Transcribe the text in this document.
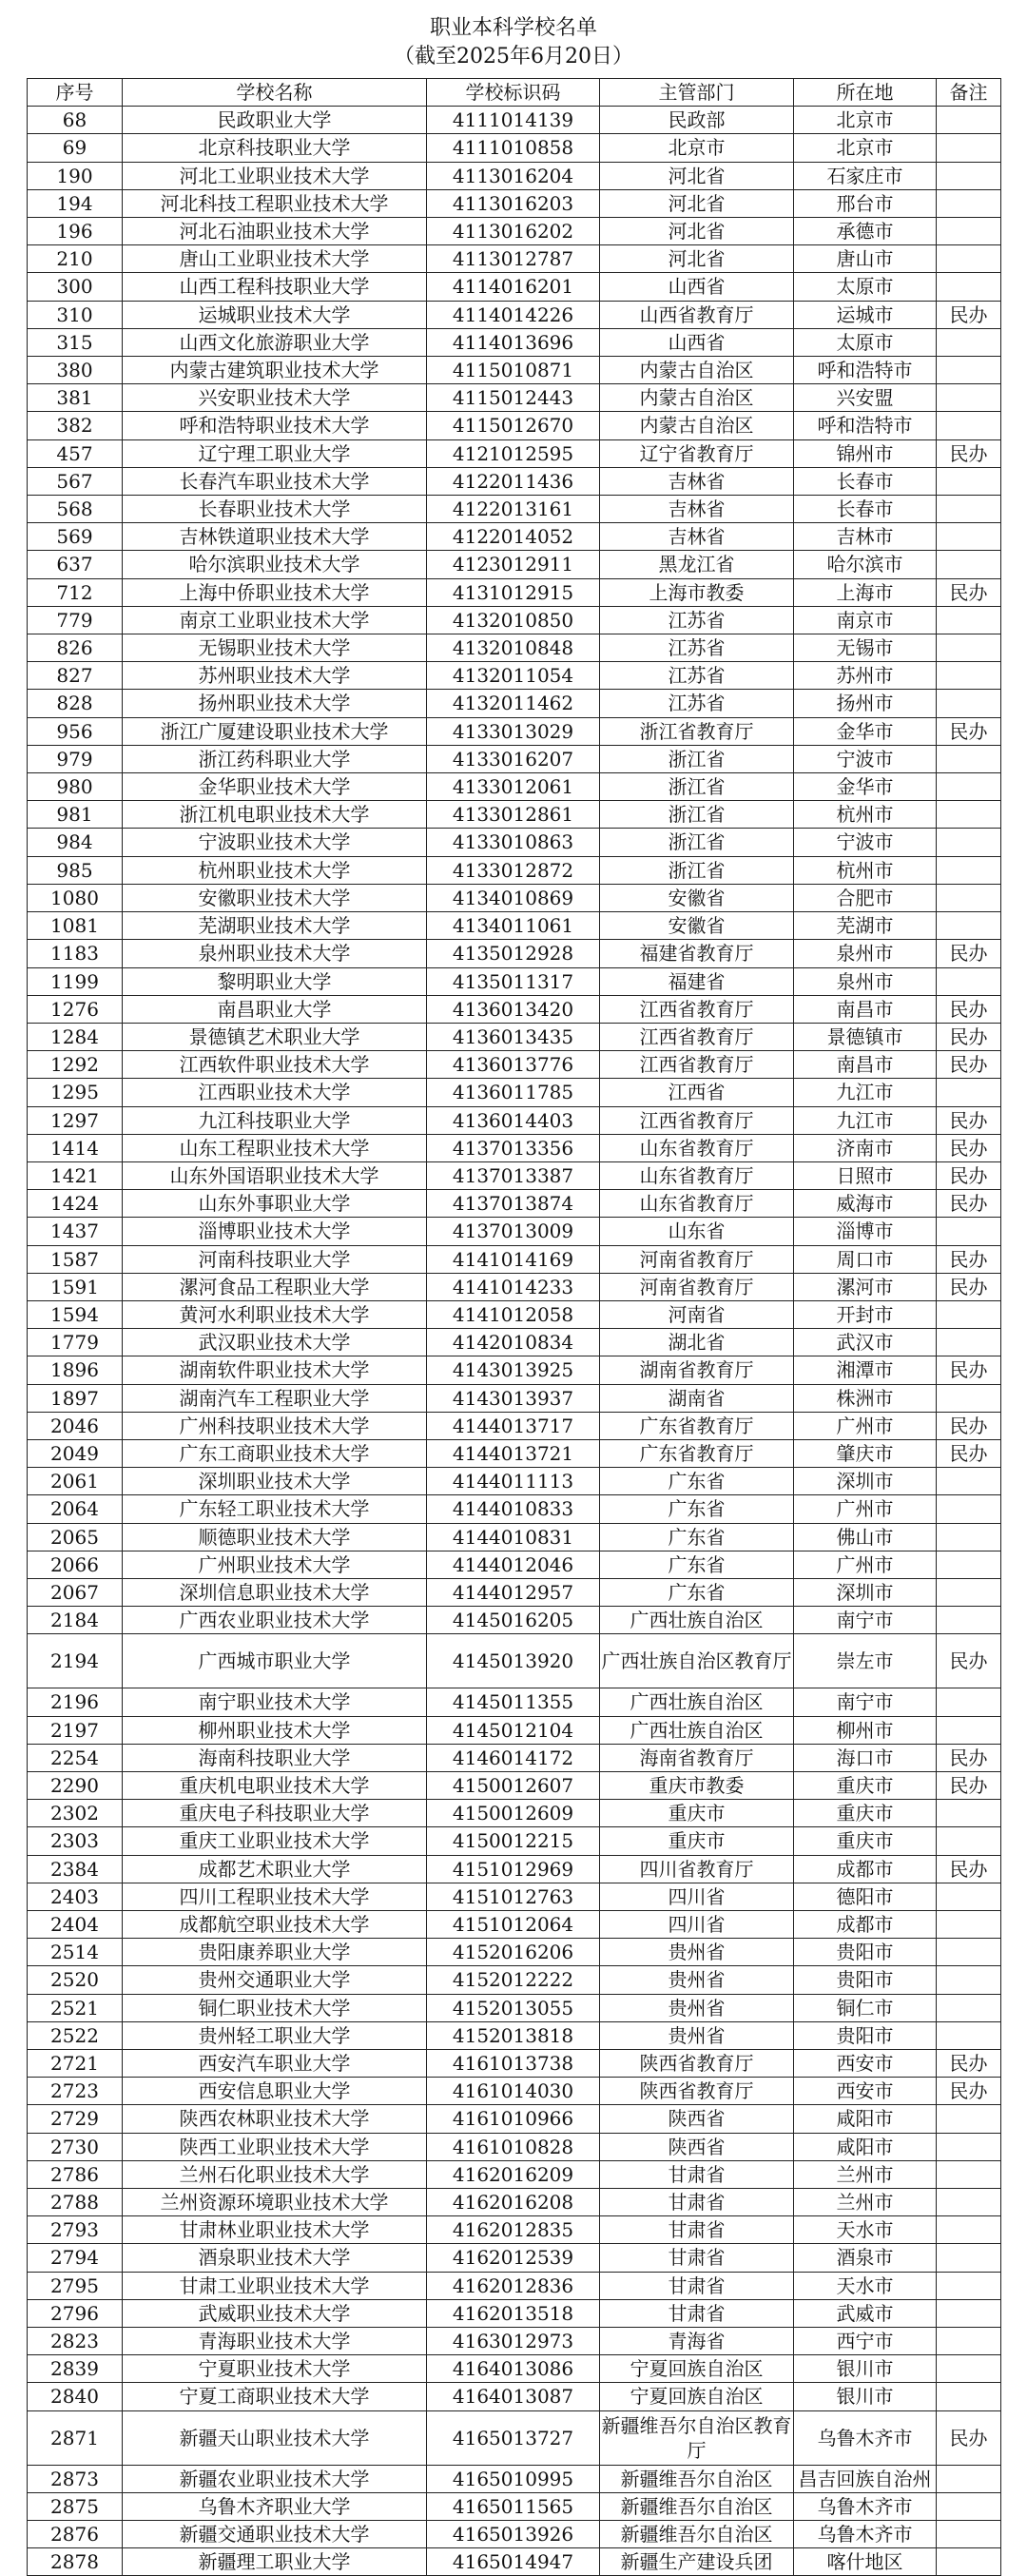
职业本科学校名单
（截至2025年6月20日）
序号	学校名称	学校标识码	主管部门	所在地	备注
68	民政职业大学	4111014139	民政部	北京市	
69	北京科技职业大学	4111010858	北京市	北京市	
190	河北工业职业技术大学	4113016204	河北省	石家庄市	
194	河北科技工程职业技术大学	4113016203	河北省	邢台市	
196	河北石油职业技术大学	4113016202	河北省	承德市	
210	唐山工业职业技术大学	4113012787	河北省	唐山市	
300	山西工程科技职业大学	4114016201	山西省	太原市	
310	运城职业技术大学	4114014226	山西省教育厅	运城市	民办
315	山西文化旅游职业大学	4114013696	山西省	太原市	
380	内蒙古建筑职业技术大学	4115010871	内蒙古自治区	呼和浩特市	
381	兴安职业技术大学	4115012443	内蒙古自治区	兴安盟	
382	呼和浩特职业技术大学	4115012670	内蒙古自治区	呼和浩特市	
457	辽宁理工职业大学	4121012595	辽宁省教育厅	锦州市	民办
567	长春汽车职业技术大学	4122011436	吉林省	长春市	
568	长春职业技术大学	4122013161	吉林省	长春市	
569	吉林铁道职业技术大学	4122014052	吉林省	吉林市	
637	哈尔滨职业技术大学	4123012911	黑龙江省	哈尔滨市	
712	上海中侨职业技术大学	4131012915	上海市教委	上海市	民办
779	南京工业职业技术大学	4132010850	江苏省	南京市	
826	无锡职业技术大学	4132010848	江苏省	无锡市	
827	苏州职业技术大学	4132011054	江苏省	苏州市	
828	扬州职业技术大学	4132011462	江苏省	扬州市	
956	浙江广厦建设职业技术大学	4133013029	浙江省教育厅	金华市	民办
979	浙江药科职业大学	4133016207	浙江省	宁波市	
980	金华职业技术大学	4133012061	浙江省	金华市	
981	浙江机电职业技术大学	4133012861	浙江省	杭州市	
984	宁波职业技术大学	4133010863	浙江省	宁波市	
985	杭州职业技术大学	4133012872	浙江省	杭州市	
1080	安徽职业技术大学	4134010869	安徽省	合肥市	
1081	芜湖职业技术大学	4134011061	安徽省	芜湖市	
1183	泉州职业技术大学	4135012928	福建省教育厅	泉州市	民办
1199	黎明职业大学	4135011317	福建省	泉州市	
1276	南昌职业大学	4136013420	江西省教育厅	南昌市	民办
1284	景德镇艺术职业大学	4136013435	江西省教育厅	景德镇市	民办
1292	江西软件职业技术大学	4136013776	江西省教育厅	南昌市	民办
1295	江西职业技术大学	4136011785	江西省	九江市	
1297	九江科技职业大学	4136014403	江西省教育厅	九江市	民办
1414	山东工程职业技术大学	4137013356	山东省教育厅	济南市	民办
1421	山东外国语职业技术大学	4137013387	山东省教育厅	日照市	民办
1424	山东外事职业大学	4137013874	山东省教育厅	威海市	民办
1437	淄博职业技术大学	4137013009	山东省	淄博市	
1587	河南科技职业大学	4141014169	河南省教育厅	周口市	民办
1591	漯河食品工程职业大学	4141014233	河南省教育厅	漯河市	民办
1594	黄河水利职业技术大学	4141012058	河南省	开封市	
1779	武汉职业技术大学	4142010834	湖北省	武汉市	
1896	湖南软件职业技术大学	4143013925	湖南省教育厅	湘潭市	民办
1897	湖南汽车工程职业大学	4143013937	湖南省	株洲市	
2046	广州科技职业技术大学	4144013717	广东省教育厅	广州市	民办
2049	广东工商职业技术大学	4144013721	广东省教育厅	肇庆市	民办
2061	深圳职业技术大学	4144011113	广东省	深圳市	
2064	广东轻工职业技术大学	4144010833	广东省	广州市	
2065	顺德职业技术大学	4144010831	广东省	佛山市	
2066	广州职业技术大学	4144012046	广东省	广州市	
2067	深圳信息职业技术大学	4144012957	广东省	深圳市	
2184	广西农业职业技术大学	4145016205	广西壮族自治区	南宁市	
2194	广西城市职业大学	4145013920	广西壮族自治区教育厅	崇左市	民办
2196	南宁职业技术大学	4145011355	广西壮族自治区	南宁市	
2197	柳州职业技术大学	4145012104	广西壮族自治区	柳州市	
2254	海南科技职业大学	4146014172	海南省教育厅	海口市	民办
2290	重庆机电职业技术大学	4150012607	重庆市教委	重庆市	民办
2302	重庆电子科技职业大学	4150012609	重庆市	重庆市	
2303	重庆工业职业技术大学	4150012215	重庆市	重庆市	
2384	成都艺术职业大学	4151012969	四川省教育厅	成都市	民办
2403	四川工程职业技术大学	4151012763	四川省	德阳市	
2404	成都航空职业技术大学	4151012064	四川省	成都市	
2514	贵阳康养职业大学	4152016206	贵州省	贵阳市	
2520	贵州交通职业大学	4152012222	贵州省	贵阳市	
2521	铜仁职业技术大学	4152013055	贵州省	铜仁市	
2522	贵州轻工职业大学	4152013818	贵州省	贵阳市	
2721	西安汽车职业大学	4161013738	陕西省教育厅	西安市	民办
2723	西安信息职业大学	4161014030	陕西省教育厅	西安市	民办
2729	陕西农林职业技术大学	4161010966	陕西省	咸阳市	
2730	陕西工业职业技术大学	4161010828	陕西省	咸阳市	
2786	兰州石化职业技术大学	4162016209	甘肃省	兰州市	
2788	兰州资源环境职业技术大学	4162016208	甘肃省	兰州市	
2793	甘肃林业职业技术大学	4162012835	甘肃省	天水市	
2794	酒泉职业技术大学	4162012539	甘肃省	酒泉市	
2795	甘肃工业职业技术大学	4162012836	甘肃省	天水市	
2796	武威职业技术大学	4162013518	甘肃省	武威市	
2823	青海职业技术大学	4163012973	青海省	西宁市	
2839	宁夏职业技术大学	4164013086	宁夏回族自治区	银川市	
2840	宁夏工商职业技术大学	4164013087	宁夏回族自治区	银川市	
2871	新疆天山职业技术大学	4165013727	新疆维吾尔自治区教育厅	乌鲁木齐市	民办
2873	新疆农业职业技术大学	4165010995	新疆维吾尔自治区	昌吉回族自治州	
2875	乌鲁木齐职业大学	4165011565	新疆维吾尔自治区	乌鲁木齐市	
2876	新疆交通职业技术大学	4165013926	新疆维吾尔自治区	乌鲁木齐市	
2878	新疆理工职业大学	4165014947	新疆生产建设兵团	喀什地区	
